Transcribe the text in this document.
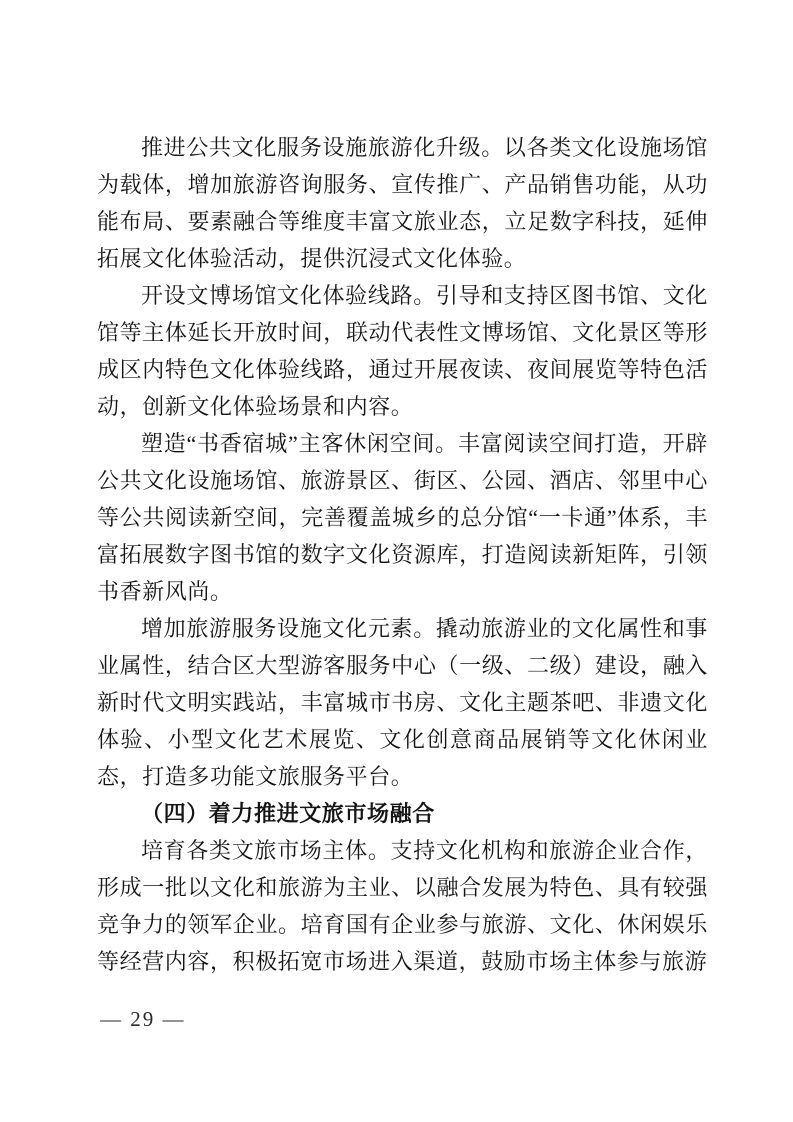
推进公共文化服务设施旅游化升级。以各类文化设施场馆为载体，增加旅游咨询服务、宣传推广、产品销售功能，从功能布局、要素融合等维度丰富文旅业态，立足数字科技，延伸拓展文化体验活动，提供沉浸式文化体验。

开设文博场馆文化体验线路。引导和支持区图书馆、文化馆等主体延长开放时间，联动代表性文博场馆、文化景区等形成区内特色文化体验线路，通过开展夜读、夜间展览等特色活动，创新文化体验场景和内容。

塑造“书香宿城”主客休闲空间。丰富阅读空间打造，开辟公共文化设施场馆、旅游景区、街区、公园、酒店、邻里中心等公共阅读新空间，完善覆盖城乡的总分馆“一卡通”体系，丰富拓展数字图书馆的数字文化资源库，打造阅读新矩阵，引领书香新风尚。

增加旅游服务设施文化元素。撬动旅游业的文化属性和事业属性，结合区大型游客服务中心（一级、二级）建设，融入新时代文明实践站，丰富城市书房、文化主题茶吧、非遗文化体验、小型文化艺术展览、文化创意商品展销等文化休闲业态，打造多功能文旅服务平台。

（四）着力推进文旅市场融合

培育各类文旅市场主体。支持文化机构和旅游企业合作，形成一批以文化和旅游为主业、以融合发展为特色、具有较强竞争力的领军企业。培育国有企业参与旅游、文化、休闲娱乐等经营内容，积极拓宽市场进入渠道，鼓励市场主体参与旅游

— 29 —
